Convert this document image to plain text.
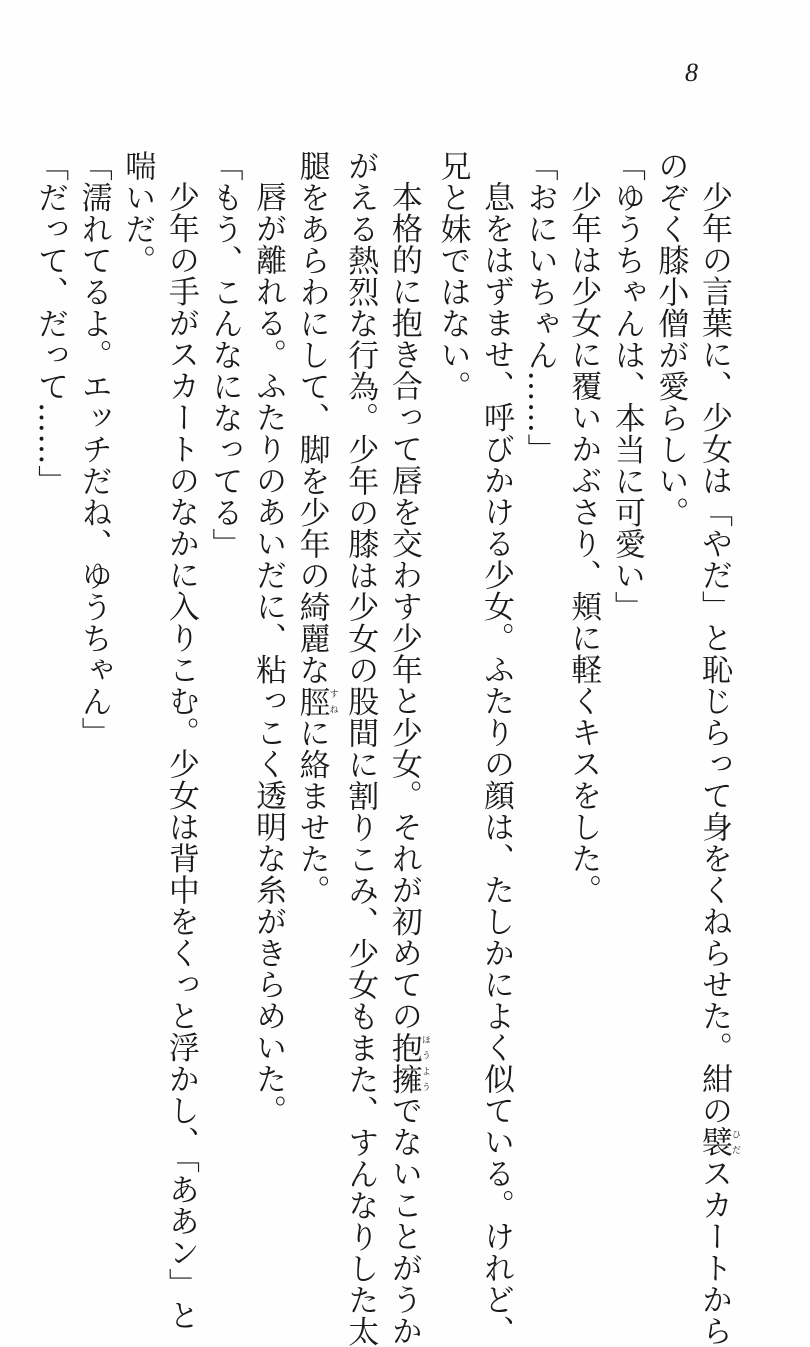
8
少年の言葉に、少女は「やだ」と恥じらって身をくねらせた。紺の襞ひだスカートから
のぞく膝小僧が愛らしい。
「ゆうちゃんは、本当に可愛い」
少年は少女に覆いかぶさり、頬に軽くキスをした。
「おにいちゃん……」
息をはずませ、呼びかける少女。ふたりの顔は、たしかによく似ている。けれど、
兄と妹ではない。
本格的に抱き合って唇を交わす少年と少女。それが初めての抱擁ほうようでないことがうか
がえる熱烈な行為。少年の膝は少女の股間に割りこみ、少女もまた、すんなりした太
腿をあらわにして、脚を少年の綺麗な脛すねに絡ませた。
唇が離れる。ふたりのあいだに、粘っこく透明な糸がきらめいた。
「もう、こんなになってる」
少年の手がスカートのなかに入りこむ。少女は背中をくっと浮かし、「ああン」と
喘いだ。
「濡れてるよ。エッチだね、ゆうちゃん」
「だって、だって……」
